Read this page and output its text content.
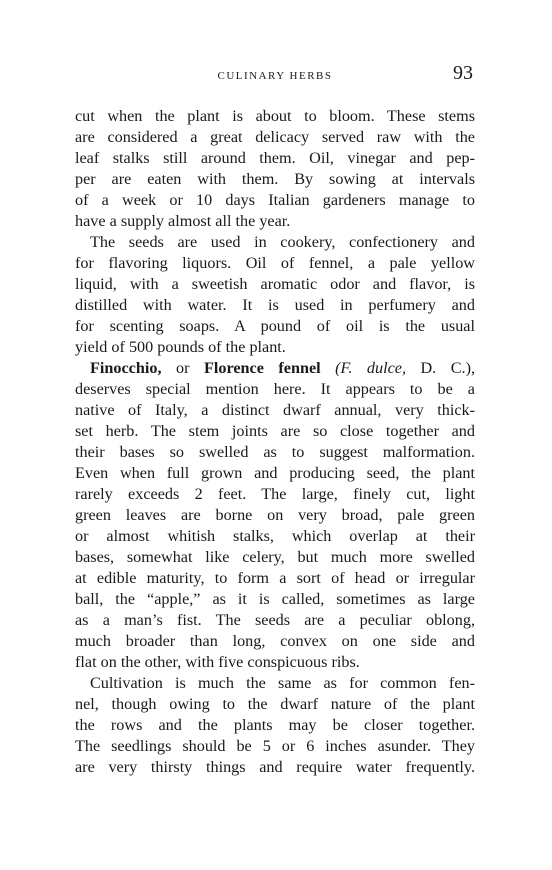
CULINARY HERBS	93
cut when the plant is about to bloom. These stems
are considered a great delicacy served raw with the
leaf stalks still around them. Oil, vinegar and pep-
per are eaten with them. By sowing at intervals
of a week or 10 days Italian gardeners manage to
have a supply almost all the year.
The seeds are used in cookery, confectionery and
for flavoring liquors. Oil of fennel, a pale yellow
liquid, with a sweetish aromatic odor and flavor, is
distilled with water. It is used in perfumery and
for scenting soaps. A pound of oil is the usual
yield of 500 pounds of the plant.
Finocchio, or Florence fennel (F. dulce, D. C.),
deserves special mention here. It appears to be a
native of Italy, a distinct dwarf annual, very thick-
set herb. The stem joints are so close together and
their bases so swelled as to suggest malformation.
Even when full grown and producing seed, the plant
rarely exceeds 2 feet. The large, finely cut, light
green leaves are borne on very broad, pale green
or almost whitish stalks, which overlap at their
bases, somewhat like celery, but much more swelled
at edible maturity, to form a sort of head or irregular
ball, the “apple,” as it is called, sometimes as large
as a man’s fist. The seeds are a peculiar oblong,
much broader than long, convex on one side and
flat on the other, with five conspicuous ribs.
Cultivation is much the same as for common fen-
nel, though owing to the dwarf nature of the plant
the rows and the plants may be closer together.
The seedlings should be 5 or 6 inches asunder. They
are very thirsty things and require water frequently.
